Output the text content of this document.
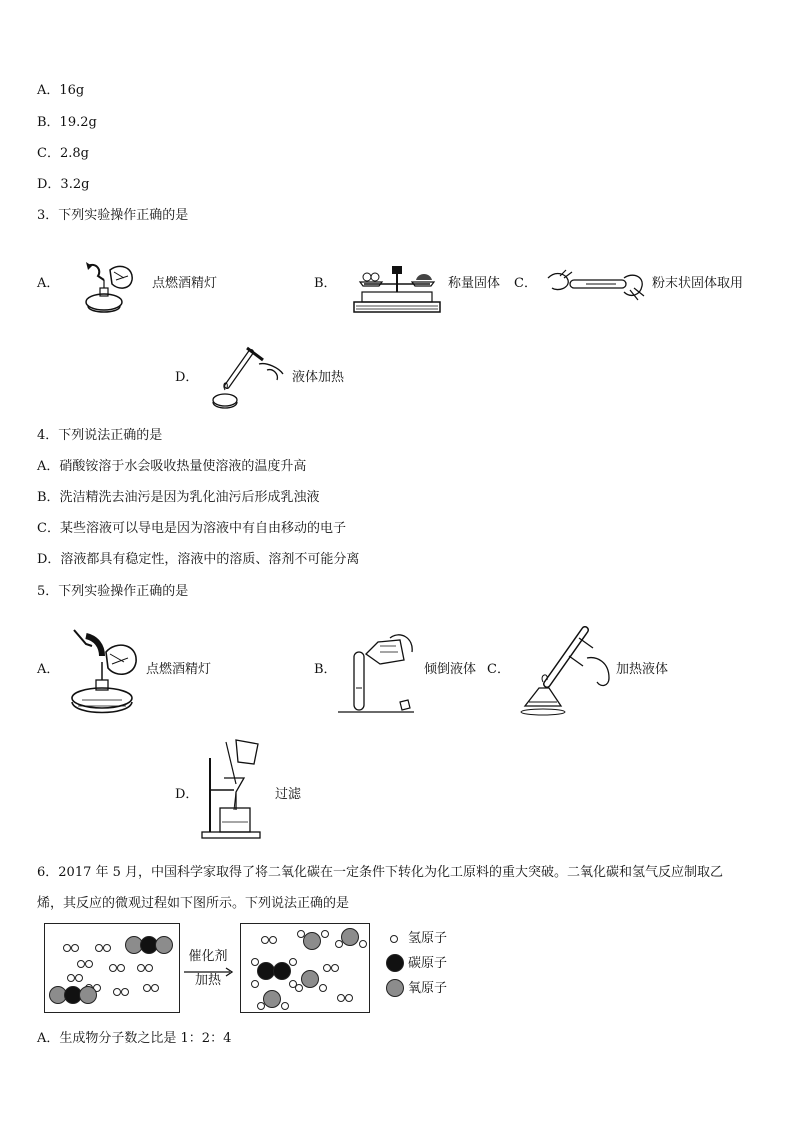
A．16g
B．19.2g
C．2.8g
D．3.2g
3．下列实验操作正确的是
A．	点燃酒精灯	B．	称量固体 C．	粉末状固体取用
D．	液体加热
4．下列说法正确的是
A．硝酸铵溶于水会吸收热量使溶液的温度升高
B．洗洁精洗去油污是因为乳化油污后形成乳浊液
C．某些溶液可以导电是因为溶液中有自由移动的电子
D．溶液都具有稳定性，溶液中的溶质、溶剂不可能分离
5．下列实验操作正确的是
A．	点燃酒精灯	B．	倾倒液体 C．	加热液体
D．	过滤
6．2017 年 5 月，中国科学家取得了将二氧化碳在一定条件下转化为化工原料的重大突破。二氧化碳和氢气反应制取乙
烯，其反应的微观过程如下图所示。下列说法正确的是
催化剂
加热
氢原子
碳原子
氧原子
A．生成物分子数之比是 1：2：4
